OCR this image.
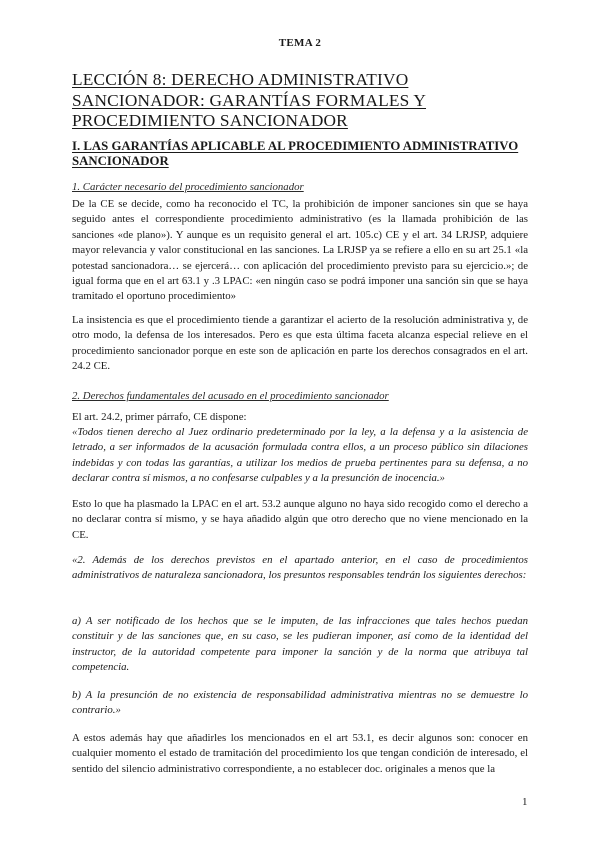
TEMA 2
LECCIÓN 8: DERECHO ADMINISTRATIVO SANCIONADOR: GARANTÍAS FORMALES Y PROCEDIMIENTO SANCIONADOR
I. LAS GARANTÍAS APLICABLE AL PROCEDIMIENTO ADMINISTRATIVO SANCIONADOR
1. Carácter necesario del procedimiento sancionador
De la CE se decide, como ha reconocido el TC, la prohibición de imponer sanciones sin que se haya seguido antes el correspondiente procedimiento administrativo (es la llamada prohibición de las sanciones «de plano»). Y aunque es un requisito general el art. 105.c) CE y el art. 34 LRJSP, adquiere mayor relevancia y valor constitucional en las sanciones. La LRJSP ya se refiere a ello en su art 25.1 «la potestad sancionadora… se ejercerá… con aplicación del procedimiento previsto para su ejercicio.»; de igual forma que en el art 63.1 y .3 LPAC: «en ningún caso se podrá imponer una sanción sin que se haya tramitado el oportuno procedimiento»
La insistencia es que el procedimiento tiende a garantizar el acierto de la resolución administrativa y, de otro modo, la defensa de los interesados. Pero es que esta última faceta alcanza especial relieve en el procedimiento sancionador porque en este son de aplicación en parte los derechos consagrados en el art. 24.2 CE.
2. Derechos fundamentales del acusado en el procedimiento sancionador
El art. 24.2, primer párrafo, CE dispone:
«Todos tienen derecho al Juez ordinario predeterminado por la ley, a la defensa y a la asistencia de letrado, a ser informados de la acusación formulada contra ellos, a un proceso público sin dilaciones indebidas y con todas las garantías, a utilizar los medios de prueba pertinentes para su defensa, a no declarar contra sí mismos, a no confesarse culpables y a la presunción de inocencia.»
Esto lo que ha plasmado la LPAC en el art. 53.2 aunque alguno no haya sido recogido como el derecho a no declarar contra sí mismo, y se haya añadido algún que otro derecho que no viene mencionado en la CE.
«2. Además de los derechos previstos en el apartado anterior, en el caso de procedimientos administrativos de naturaleza sancionadora, los presuntos responsables tendrán los siguientes derechos:
a) A ser notificado de los hechos que se le imputen, de las infracciones que tales hechos puedan constituir y de las sanciones que, en su caso, se les pudieran imponer, así como de la identidad del instructor, de la autoridad competente para imponer la sanción y de la norma que atribuya tal competencia.
b) A la presunción de no existencia de responsabilidad administrativa mientras no se demuestre lo contrario.»
A estos además hay que añadirles los mencionados en el art 53.1, es decir algunos son: conocer en cualquier momento el estado de tramitación del procedimiento los que tengan condición de interesado, el sentido del silencio administrativo correspondiente, a no establecer doc. originales a menos que la
1
